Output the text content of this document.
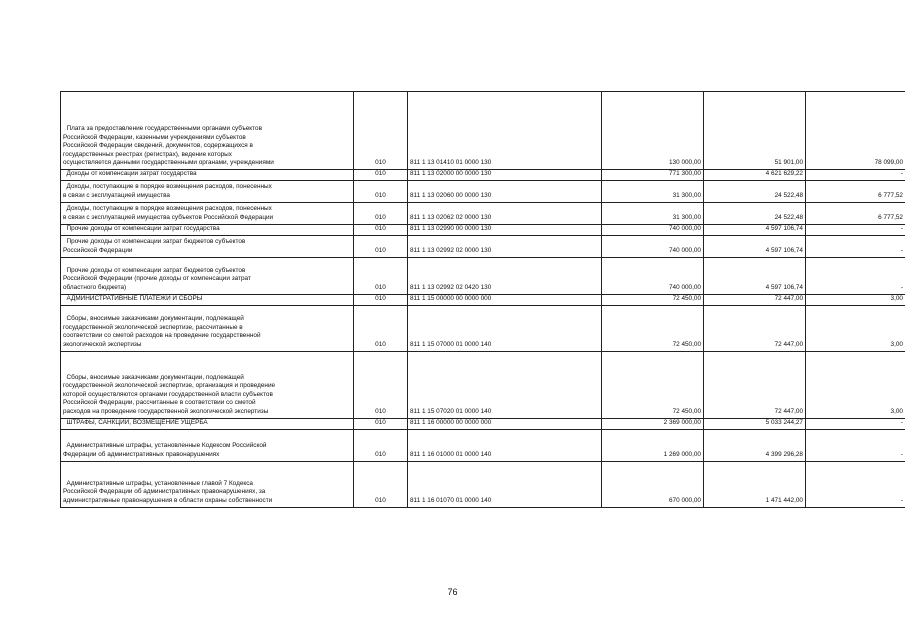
Плата за предоставление государственными органами субъектов
Российской Федерации, казенными учреждениями субъектов
Российской Федерации сведений, документов, содержащихся в
государственных реестрах (регистрах), ведение которых
осуществляется данными государственными органами, учреждениями	010	811 1 13 01410 01 0000 130	130 000,00	51 901,00	78 099,00

Доходы от компенсации затрат государства	010	811 1 13 02000 00 0000 130	771 300,00	4 621 629,22	-

Доходы, поступающие в порядке возмещения расходов, понесенных
в связи с эксплуатацией имущества	010	811 1 13 02060 00 0000 130	31 300,00	24 522,48	6 777,52

Доходы, поступающие в порядке возмещения расходов, понесенных
в связи с эксплуатацией имущества субъектов Российской Федерации	010	811 1 13 02062 02 0000 130	31 300,00	24 522,48	6 777,52

Прочие доходы от компенсации затрат государства	010	811 1 13 02990 00 0000 130	740 000,00	4 597 106,74	-

Прочие доходы от компенсации затрат бюджетов субъектов
Российской Федерации	010	811 1 13 02992 02 0000 130	740 000,00	4 597 106,74	-

Прочие доходы от компенсации затрат бюджетов субъектов
Российской Федерации (прочие доходы от компенсации затрат
областного бюджета)	010	811 1 13 02992 02 0420 130	740 000,00	4 597 106,74	-

АДМИНИСТРАТИВНЫЕ ПЛАТЕЖИ И СБОРЫ	010	811 1 15 00000 00 0000 000	72 450,00	72 447,00	3,00

Сборы, вносимые заказчиками документации, подлежащей
государственной экологической экспертизе, рассчитанные в
соответствии со сметой расходов на проведение государственной
экологической экспертизы	010	811 1 15 07000 01 0000 140	72 450,00	72 447,00	3,00

Сборы, вносимые заказчиками документации, подлежащей
государственной экологической экспертизе, организация и проведение
которой осуществляются органами государственной власти субъектов
Российской Федерации, рассчитанные в соответствии со сметой
расходов на проведение государственной экологической экспертизы	010	811 1 15 07020 01 0000 140	72 450,00	72 447,00	3,00

ШТРАФЫ, САНКЦИИ, ВОЗМЕЩЕНИЕ УЩЕРБА	010	811 1 16 00000 00 0000 000	2 369 000,00	5 033 244,27	-

Административные штрафы, установленные Кодексом Российской
Федерации об административных правонарушениях	010	811 1 16 01000 01 0000 140	1 269 000,00	4 399 296,28	-

Административные штрафы, установленные главой 7 Кодекса
Российской Федерации об административных правонарушениях, за
административные правонарушения в области охраны собственности	010	811 1 16 01070 01 0000 140	670 000,00	1 471 442,00	-
76
